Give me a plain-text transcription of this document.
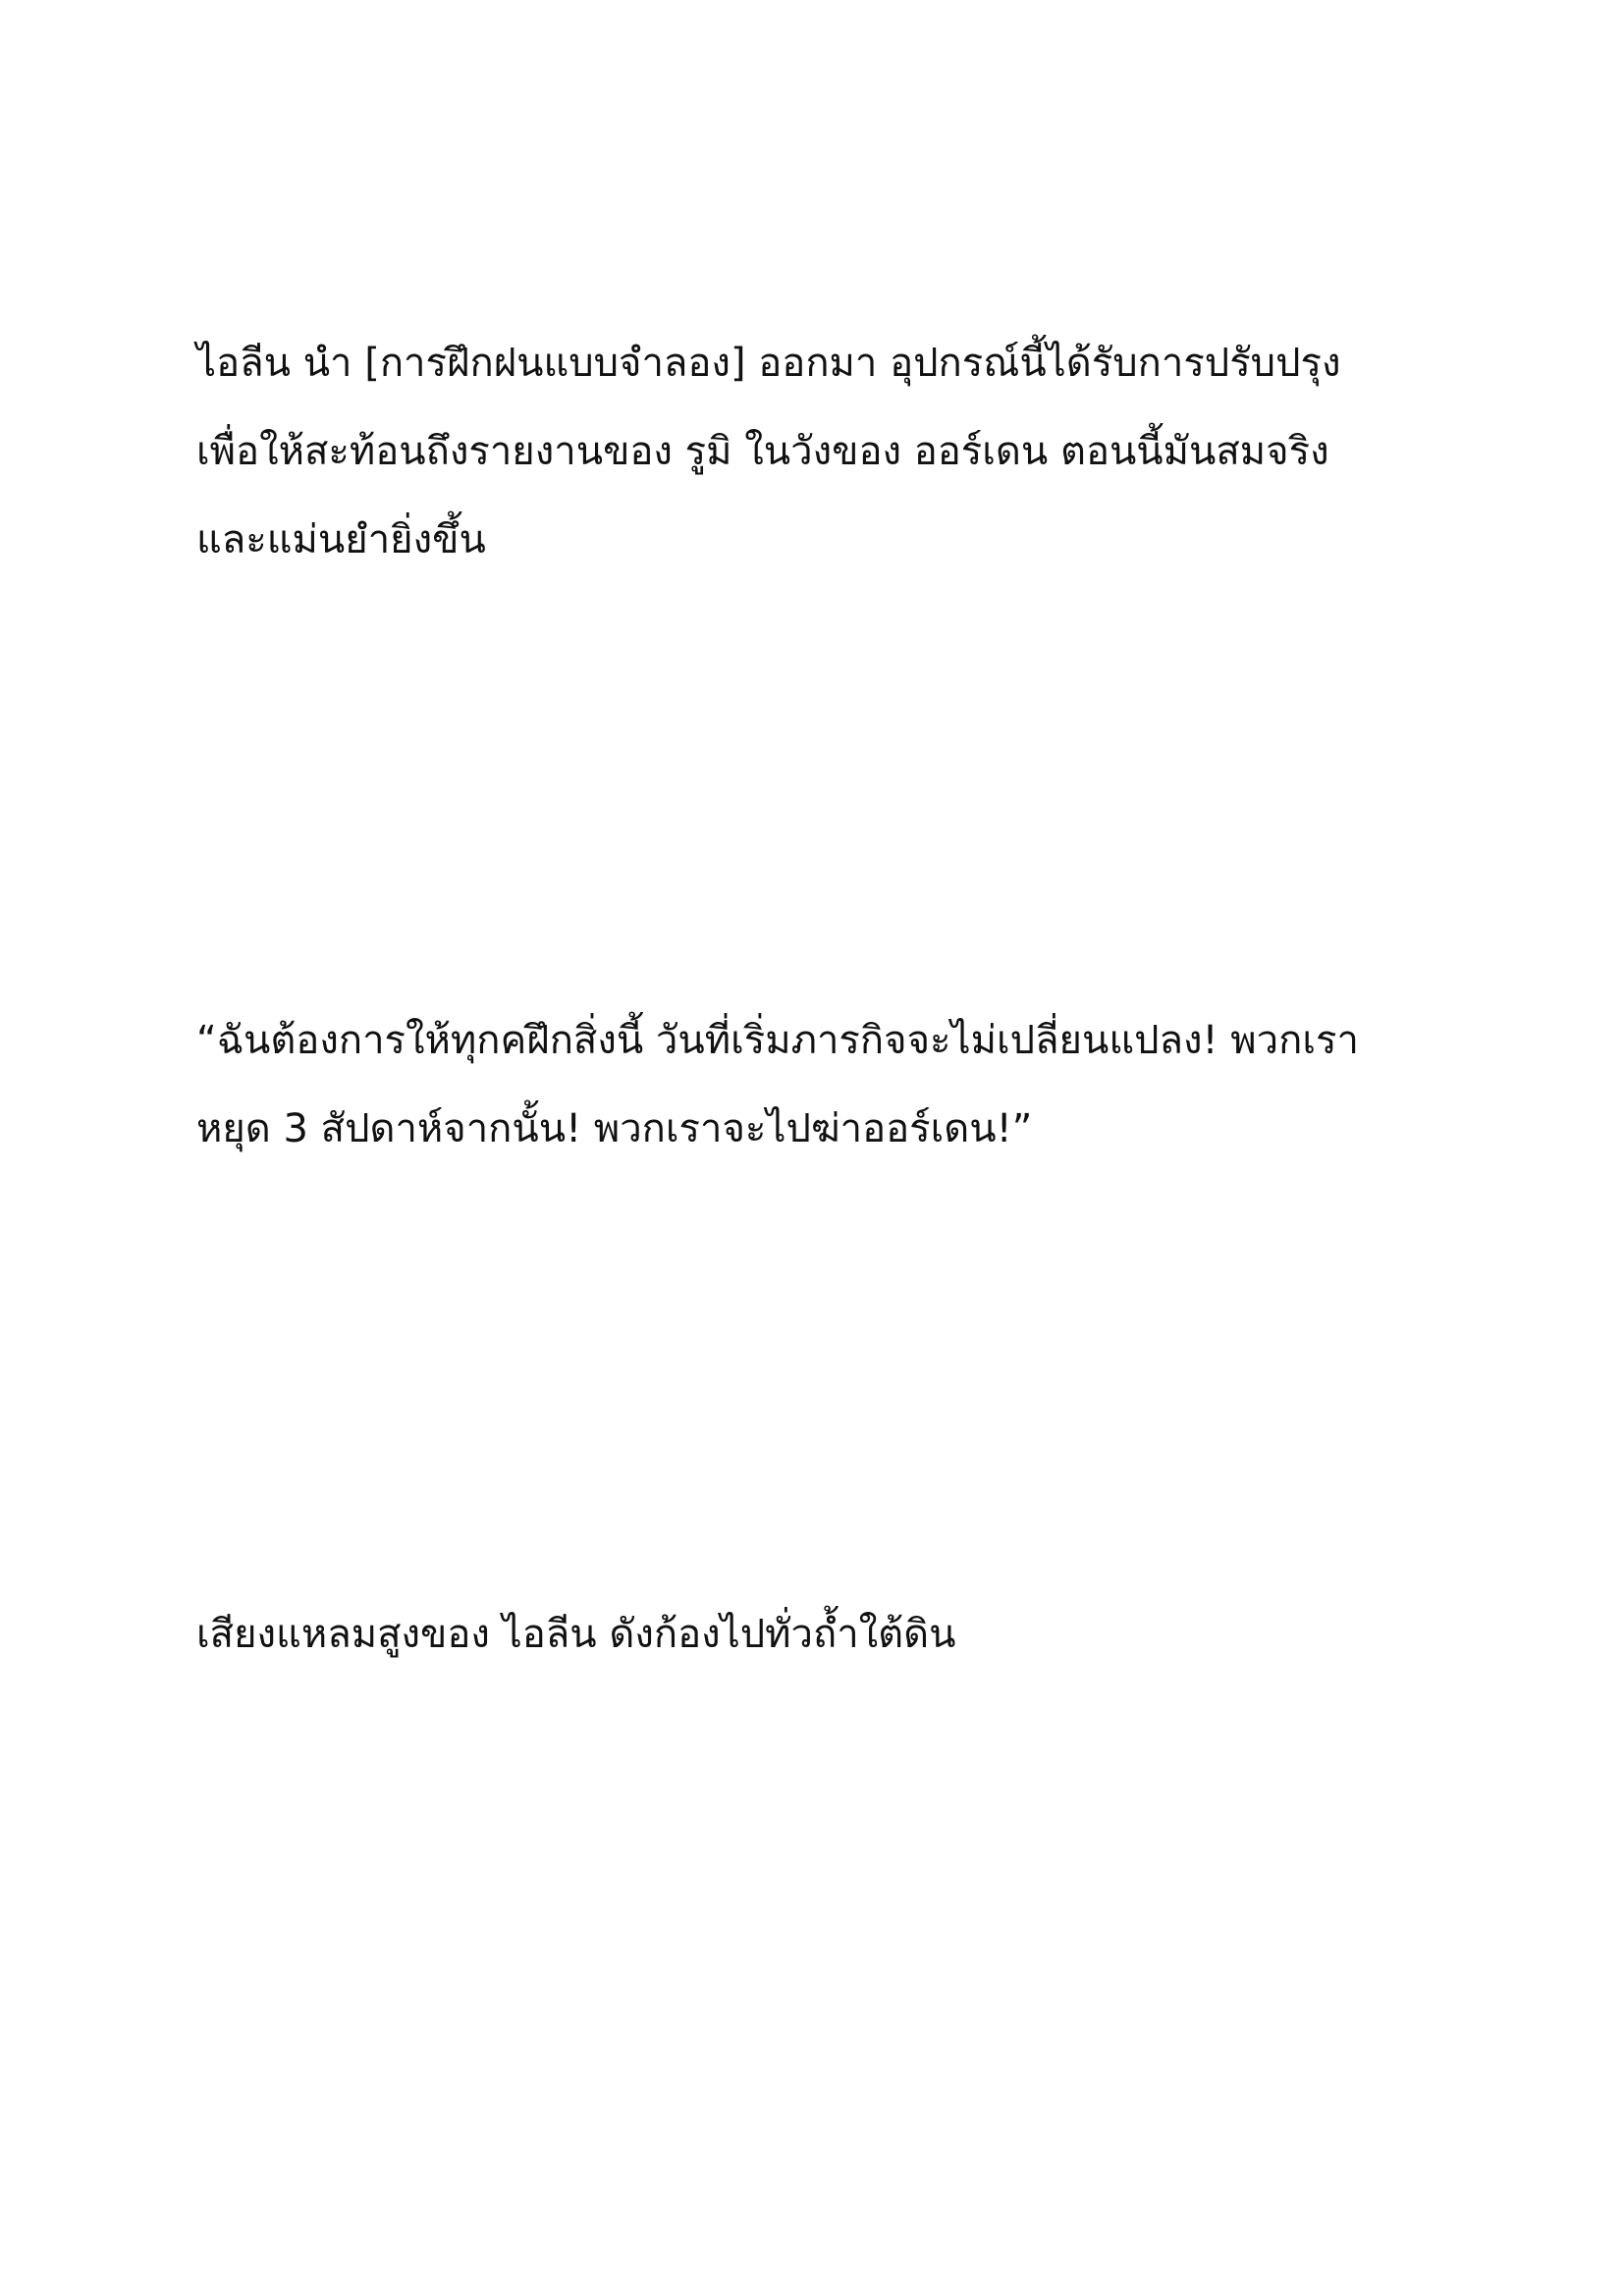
ไอลีน นำ [การฝึกฝนแบบจำลอง] ออกมา อุปกรณ์นี้ได้รับการปรับปรุง
เพื่อให้สะท้อนถึงรายงานของ รูมิ ในวังของ ออร์เดน ตอนนี้มันสมจริง
และแม่นยำยิ่งขึ้น

“ฉันต้องการให้ทุกคฝึกสิ่งนี้ วันที่เริ่มภารกิจจะไม่เปลี่ยนแปลง! พวกเรา
หยุด 3 สัปดาห์จากนั้น! พวกเราจะไปฆ่าออร์เดน!”

เสียงแหลมสูงของ ไอลีน ดังก้องไปทั่วถ้ำใต้ดิน
